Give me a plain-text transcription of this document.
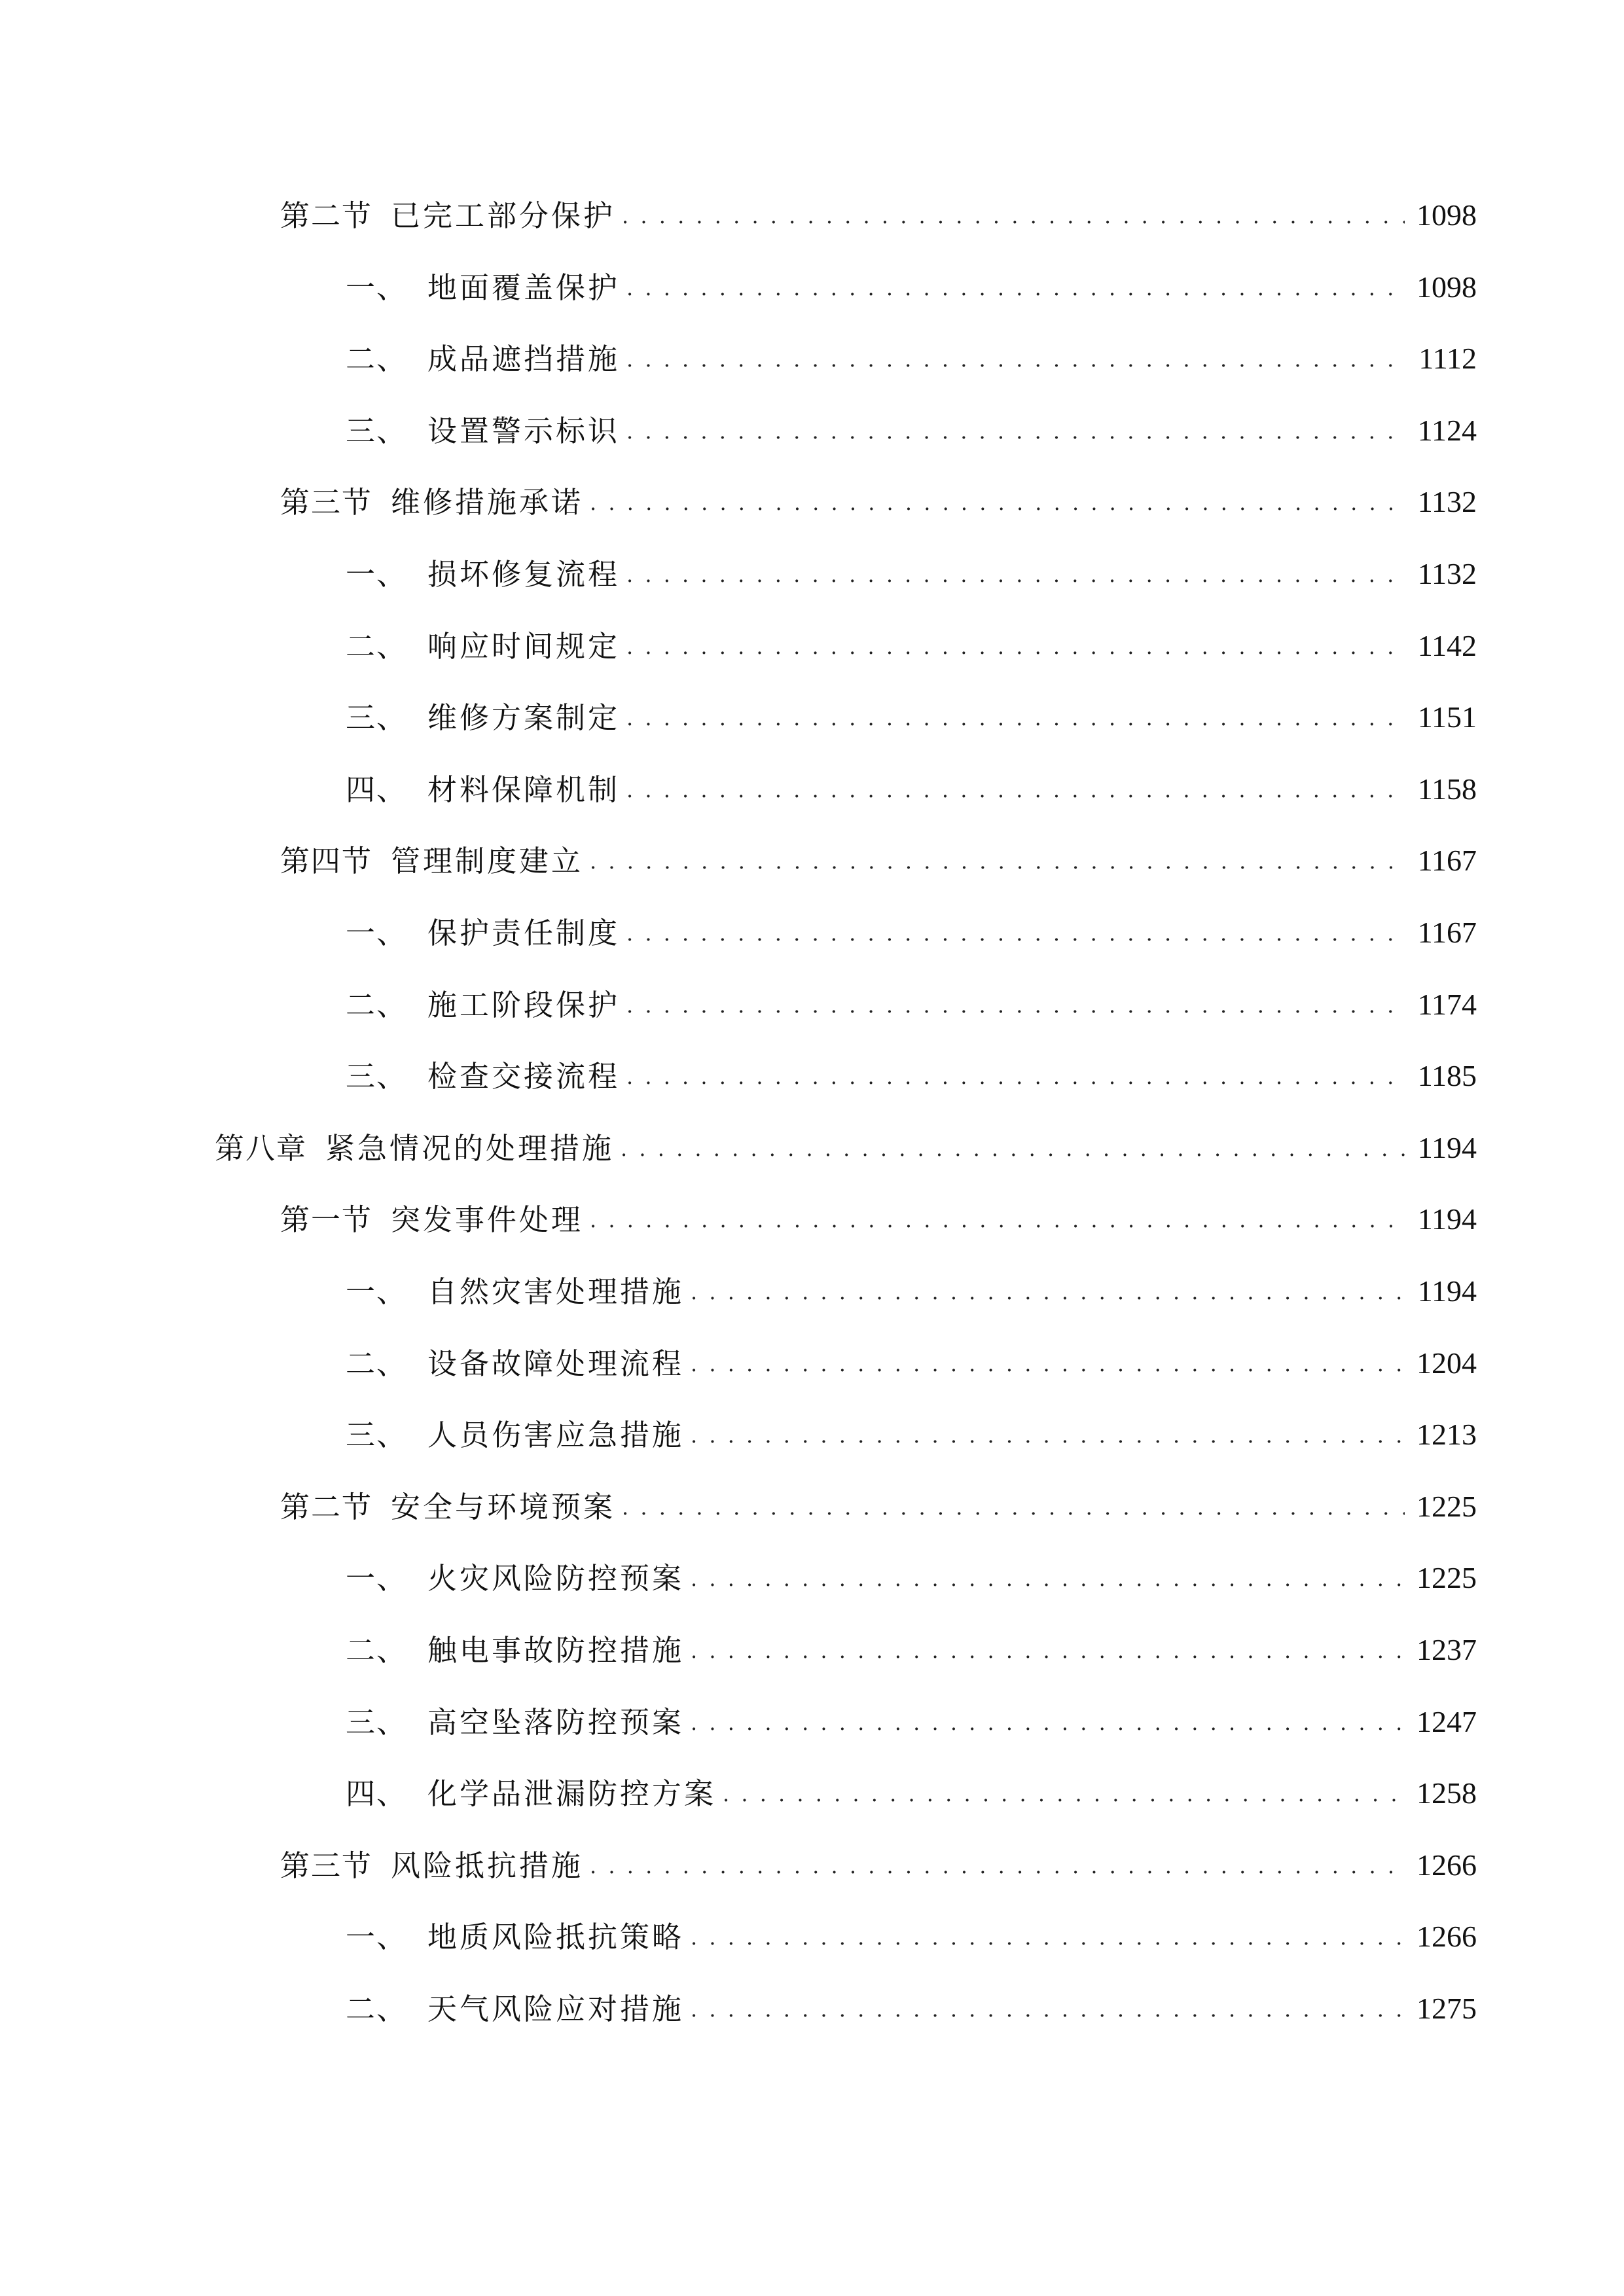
第二节 已完工部分保护 . . .	1098
一、 地面覆盖保护 . . .	1098
二、 成品遮挡措施 . . .	1112
三、 设置警示标识 . . .	1124
第三节 维修措施承诺 . . .	1132
一、 损坏修复流程 . . .	1132
二、 响应时间规定 . . .	1142
三、 维修方案制定 . . .	1151
四、 材料保障机制 . . .	1158
第四节 管理制度建立 . . .	1167
一、 保护责任制度 . . .	1167
二、 施工阶段保护 . . .	1174
三、 检查交接流程 . . .	1185
第八章 紧急情况的处理措施 . . .	1194
第一节 突发事件处理 . . .	1194
一、 自然灾害处理措施 . . .	1194
二、 设备故障处理流程 . . .	1204
三、 人员伤害应急措施 . . .	1213
第二节 安全与环境预案 . . .	1225
一、 火灾风险防控预案 . . .	1225
二、 触电事故防控措施 . . .	1237
三、 高空坠落防控预案 . . .	1247
四、 化学品泄漏防控方案 . . .	1258
第三节 风险抵抗措施 . . .	1266
一、 地质风险抵抗策略 . . .	1266
二、 天气风险应对措施 . . .	1275
